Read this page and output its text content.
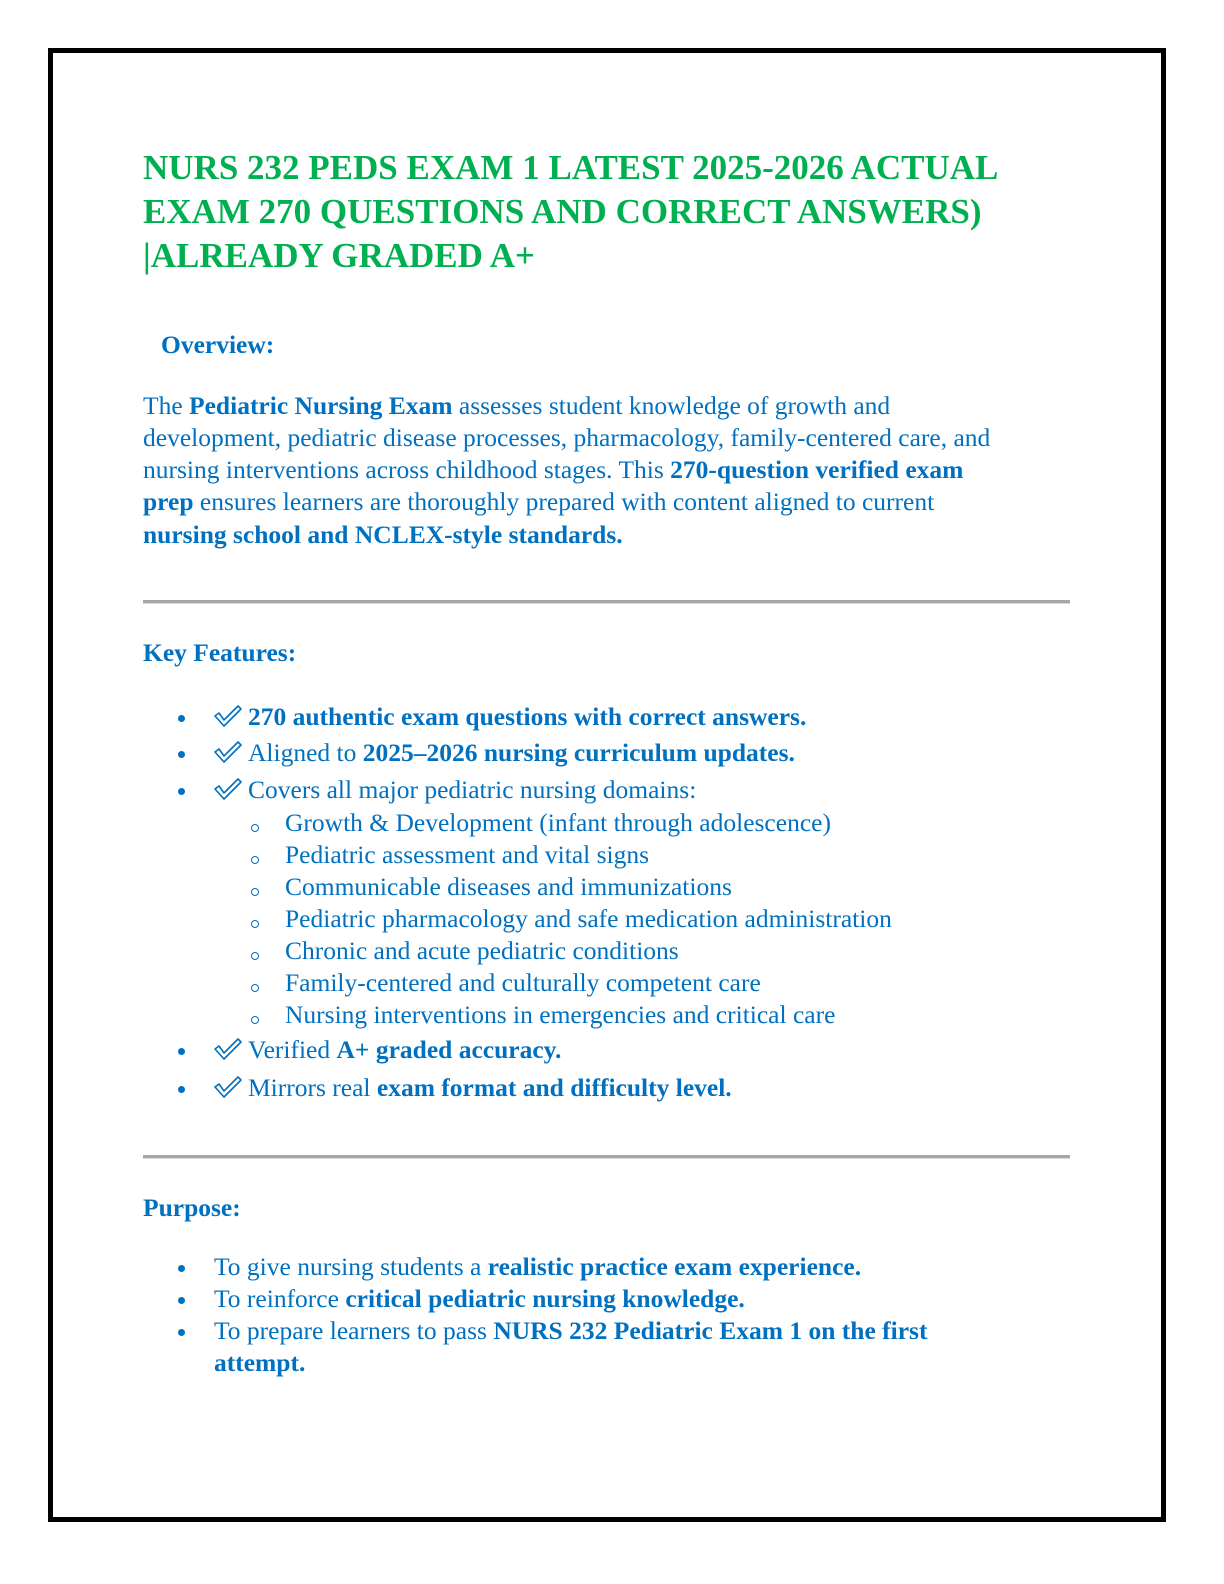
NURS 232 PEDS EXAM 1 LATEST 2025-2026 ACTUAL
EXAM 270 QUESTIONS AND CORRECT ANSWERS)
|ALREADY GRADED A+
Overview:
The Pediatric Nursing Exam assesses student knowledge of growth and
development, pediatric disease processes, pharmacology, family-centered care, and
nursing interventions across childhood stages. This 270-question verified exam
prep ensures learners are thoroughly prepared with content aligned to current
nursing school and NCLEX-style standards.
Key Features:
270 authentic exam questions with correct answers.
Aligned to 2025–2026 nursing curriculum updates.
Covers all major pediatric nursing domains:
Growth & Development (infant through adolescence)
Pediatric assessment and vital signs
Communicable diseases and immunizations
Pediatric pharmacology and safe medication administration
Chronic and acute pediatric conditions
Family-centered and culturally competent care
Nursing interventions in emergencies and critical care
Verified A+ graded accuracy.
Mirrors real exam format and difficulty level.
Purpose:
To give nursing students a realistic practice exam experience.
To reinforce critical pediatric nursing knowledge.
To prepare learners to pass NURS 232 Pediatric Exam 1 on the first
attempt.
